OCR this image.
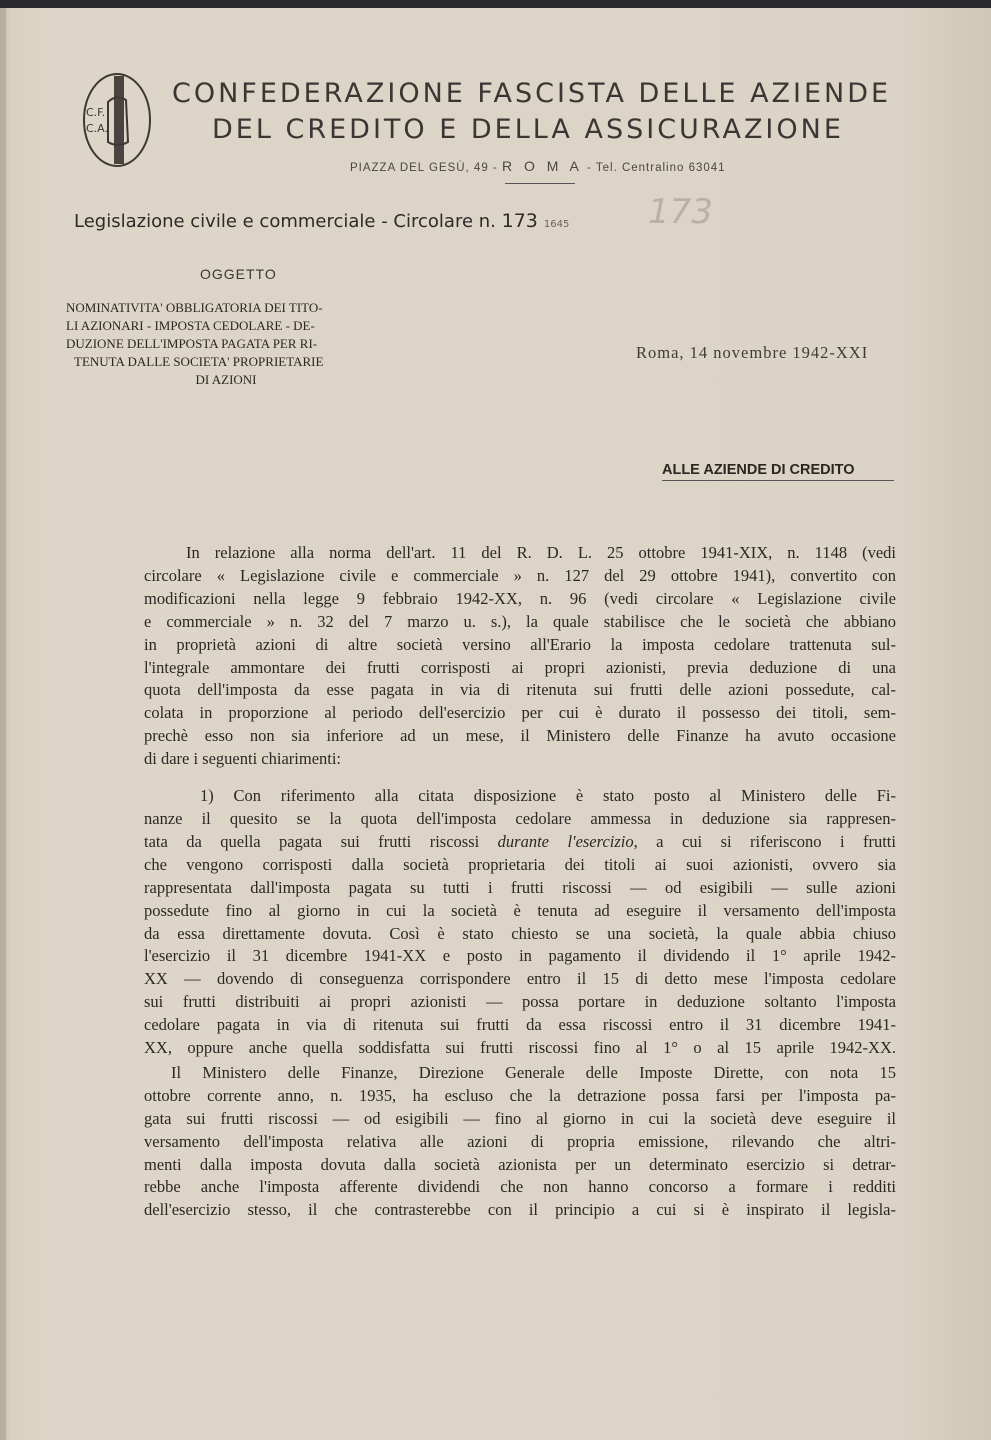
C.F.
C.A.
CONFEDERAZIONE FASCISTA DELLE AZIENDE
DEL CREDITO E DELLA ASSICURAZIONE
PIAZZA DEL GESÙ, 49 - R O M A - Tel. Centralino 63041
Legislazione civile e commerciale - Circolare n. 173 1645 173
OGGETTO
NOMINATIVITA' OBBLIGATORIA DEI TITO-
LI AZIONARI - IMPOSTA CEDOLARE - DE-
DUZIONE DELL'IMPOSTA PAGATA PER RI-
TENUTA DALLE SOCIETA' PROPRIETARIE
DI AZIONI
Roma, 14 novembre 1942-XXI
ALLE AZIENDE DI CREDITO

In relazione alla norma dell'art. 11 del R. D. L. 25 ottobre 1941-XIX, n. 1148 (vedi
circolare « Legislazione civile e commerciale » n. 127 del 29 ottobre 1941), convertito con
modificazioni nella legge 9 febbraio 1942-XX, n. 96 (vedi circolare « Legislazione civile
e commerciale » n. 32 del 7 marzo u. s.), la quale stabilisce che le società che abbiano
in proprietà azioni di altre società versino all'Erario la imposta cedolare trattenuta sul-
l'integrale ammontare dei frutti corrisposti ai propri azionisti, previa deduzione di una
quota dell'imposta da esse pagata in via di ritenuta sui frutti delle azioni possedute, cal-
colata in proporzione al periodo dell'esercizio per cui è durato il possesso dei titoli, sem-
prechè esso non sia inferiore ad un mese, il Ministero delle Finanze ha avuto occasione
di dare i seguenti chiarimenti:

1) Con riferimento alla citata disposizione è stato posto al Ministero delle Fi-
nanze il quesito se la quota dell'imposta cedolare ammessa in deduzione sia rappresen-
tata da quella pagata sui frutti riscossi durante l'esercizio, a cui si riferiscono i frutti
che vengono corrisposti dalla società proprietaria dei titoli ai suoi azionisti, ovvero sia
rappresentata dall'imposta pagata su tutti i frutti riscossi — od esigibili — sulle azioni
possedute fino al giorno in cui la società è tenuta ad eseguire il versamento dell'imposta
da essa direttamente dovuta. Così è stato chiesto se una società, la quale abbia chiuso
l'esercizio il 31 dicembre 1941-XX e posto in pagamento il dividendo il 1° aprile 1942-
XX — dovendo di conseguenza corrispondere entro il 15 di detto mese l'imposta cedolare
sui frutti distribuiti ai propri azionisti — possa portare in deduzione soltanto l'imposta
cedolare pagata in via di ritenuta sui frutti da essa riscossi entro il 31 dicembre 1941-
XX, oppure anche quella soddisfatta sui frutti riscossi fino al 1° o al 15 aprile 1942-XX.

Il Ministero delle Finanze, Direzione Generale delle Imposte Dirette, con nota 15
ottobre corrente anno, n. 1935, ha escluso che la detrazione possa farsi per l'imposta pa-
gata sui frutti riscossi — od esigibili — fino al giorno in cui la società deve eseguire il
versamento dell'imposta relativa alle azioni di propria emissione, rilevando che altri-
menti dalla imposta dovuta dalla società azionista per un determinato esercizio si detrar-
rebbe anche l'imposta afferente dividendi che non hanno concorso a formare i redditi
dell'esercizio stesso, il che contrasterebbe con il principio a cui si è inspirato il legisla-
